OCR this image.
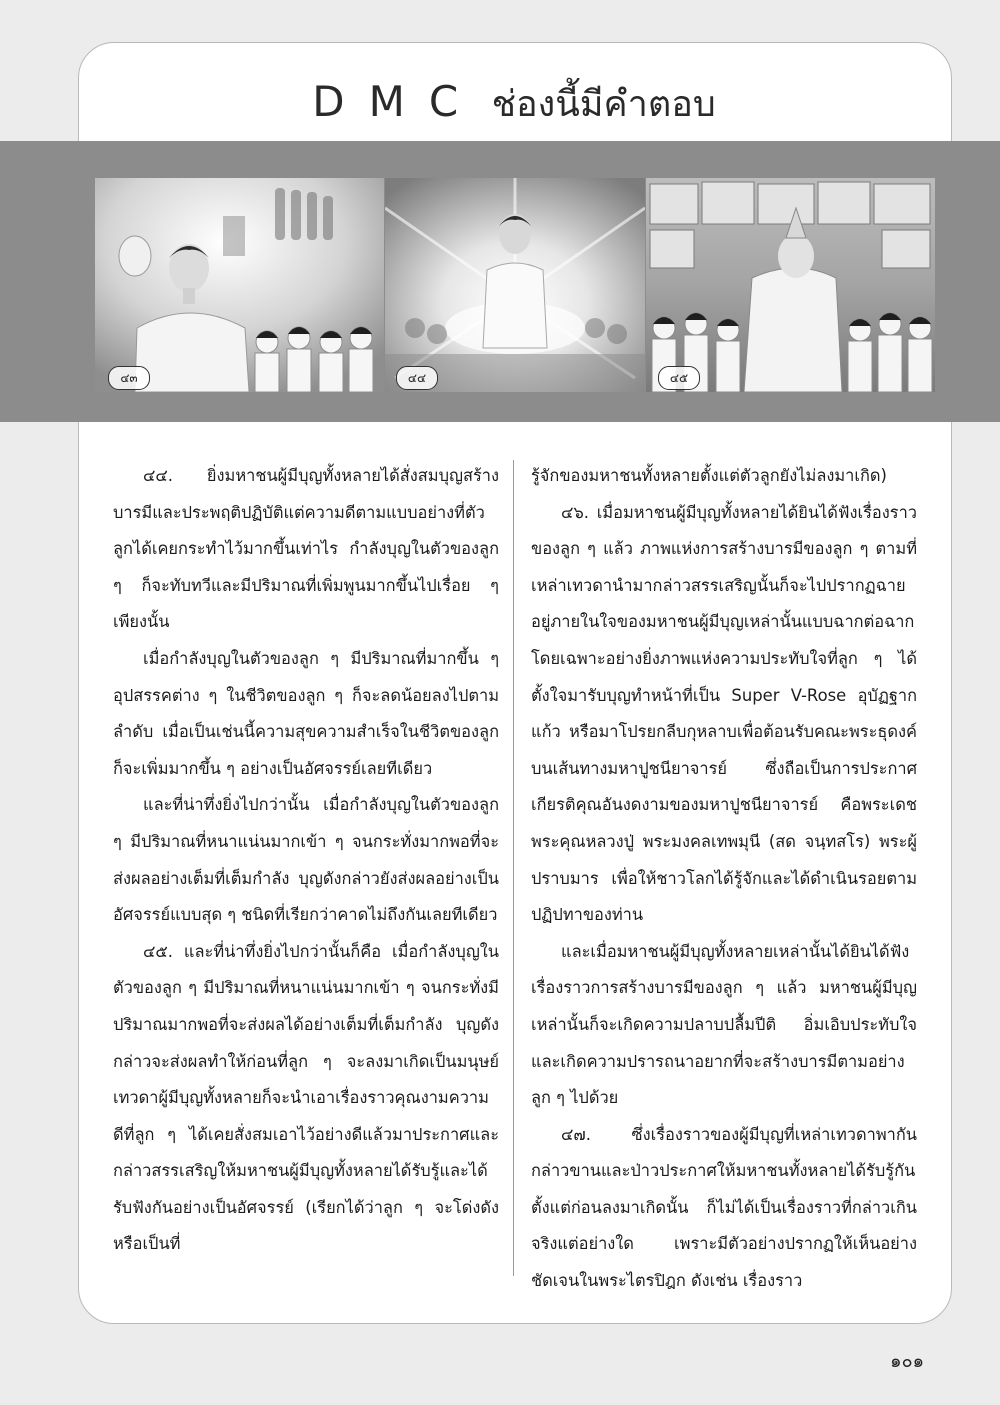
DMC ช่องนี้มีคำตอบ
๔๓	๔๔	๔๕

๔๔. ยิ่งมหาชนผู้มีบุญทั้งหลายได้สั่งสมบุญสร้างบารมีและประพฤติปฏิบัติแต่ความดีตามแบบอย่างที่ตัวลูกได้เคยกระทำไว้มากขึ้นเท่าไร กำลังบุญในตัวของลูก ๆ ก็จะทับทวีและมีปริมาณที่เพิ่มพูนมากขึ้นไปเรื่อย ๆ เพียงนั้น

เมื่อกำลังบุญในตัวของลูก ๆ มีปริมาณที่มากขึ้น ๆ อุปสรรคต่าง ๆ ในชีวิตของลูก ๆ ก็จะลดน้อยลงไปตามลำดับ เมื่อเป็นเช่นนี้ความสุขความสำเร็จในชีวิตของลูกก็จะเพิ่มมากขึ้น ๆ อย่างเป็นอัศจรรย์เลยทีเดียว

และที่น่าทึ่งยิ่งไปกว่านั้น เมื่อกำลังบุญในตัวของลูก ๆ มีปริมาณที่หนาแน่นมากเข้า ๆ จนกระทั่งมากพอที่จะส่งผลอย่างเต็มที่เต็มกำลัง บุญดังกล่าวยังส่งผลอย่างเป็นอัศจรรย์แบบสุด ๆ ชนิดที่เรียกว่าคาดไม่ถึงกันเลยทีเดียว

๔๕. และที่น่าทึ่งยิ่งไปกว่านั้นก็คือ เมื่อกำลังบุญในตัวของลูก ๆ มีปริมาณที่หนาแน่นมากเข้า ๆ จนกระทั่งมีปริมาณมากพอที่จะส่งผลได้อย่างเต็มที่เต็มกำลัง บุญดังกล่าวจะส่งผลทำให้ก่อนที่ลูก ๆ จะลงมาเกิดเป็นมนุษย์ เทวดาผู้มีบุญทั้งหลายก็จะนำเอาเรื่องราวคุณงามความดีที่ลูก ๆ ได้เคยสั่งสมเอาไว้อย่างดีแล้วมาประกาศและกล่าวสรรเสริญให้มหาชนผู้มีบุญทั้งหลายได้รับรู้และได้รับฟังกันอย่างเป็นอัศจรรย์ (เรียกได้ว่าลูก ๆ จะโด่งดังหรือเป็นที่

รู้จักของมหาชนทั้งหลายตั้งแต่ตัวลูกยังไม่ลงมาเกิด)

๔๖. เมื่อมหาชนผู้มีบุญทั้งหลายได้ยินได้ฟังเรื่องราวของลูก ๆ แล้ว ภาพแห่งการสร้างบารมีของลูก ๆ ตามที่เหล่าเทวดานำมากล่าวสรรเสริญนั้นก็จะไปปรากฏฉายอยู่ภายในใจของมหาชนผู้มีบุญเหล่านั้นแบบฉากต่อฉาก โดยเฉพาะอย่างยิ่งภาพแห่งความประทับใจที่ลูก ๆ ได้ตั้งใจมารับบุญทำหน้าที่เป็น Super V-Rose อุบัฏฐากแก้ว หรือมาโปรยกลีบกุหลาบเพื่อต้อนรับคณะพระธุดงค์บนเส้นทางมหาปูชนียาจารย์ ซึ่งถือเป็นการประกาศเกียรติคุณอันงดงามของมหาปูชนียาจารย์ คือพระเดชพระคุณหลวงปู่ พระมงคลเทพมุนี (สด จนฺทสโร) พระผู้ปราบมาร เพื่อให้ชาวโลกได้รู้จักและได้ดำเนินรอยตามปฏิปทาของท่าน

และเมื่อมหาชนผู้มีบุญทั้งหลายเหล่านั้นได้ยินได้ฟังเรื่องราวการสร้างบารมีของลูก ๆ แล้ว มหาชนผู้มีบุญเหล่านั้นก็จะเกิดความปลาบปลื้มปีติ อิ่มเอิบประทับใจ และเกิดความปรารถนาอยากที่จะสร้างบารมีตามอย่างลูก ๆ ไปด้วย

๔๗. ซึ่งเรื่องราวของผู้มีบุญที่เหล่าเทวดาพากันกล่าวขานและป่าวประกาศให้มหาชนทั้งหลายได้รับรู้กันตั้งแต่ก่อนลงมาเกิดนั้น ก็ไม่ได้เป็นเรื่องราวที่กล่าวเกินจริงแต่อย่างใด เพราะมีตัวอย่างปรากฏให้เห็นอย่างชัดเจนในพระไตรปิฎก ดังเช่น เรื่องราว

๑๐๑
